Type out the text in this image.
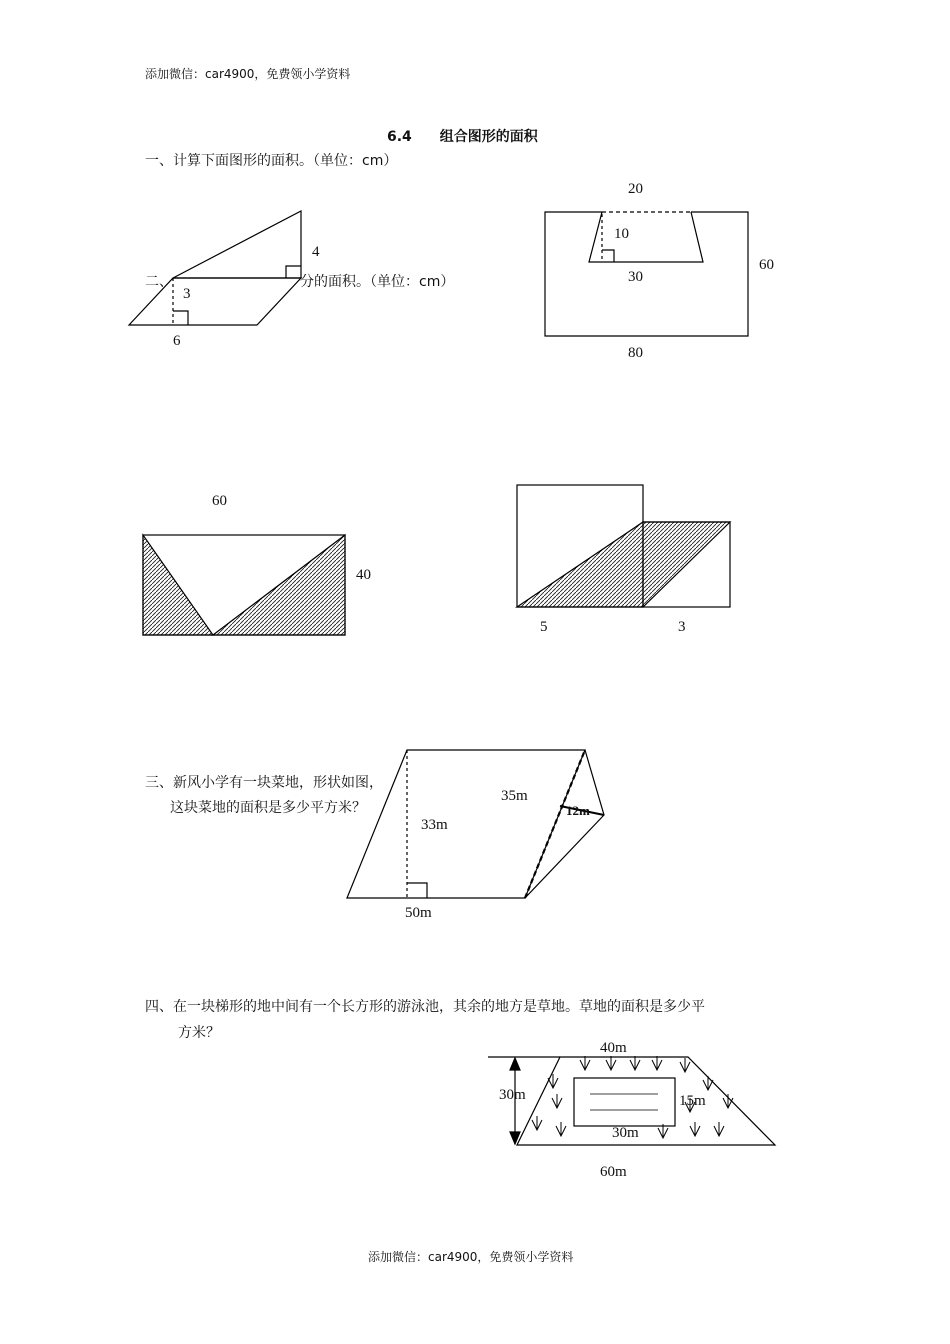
添加微信：car4900，免费领小学资料
添加微信：car4900，免费领小学资料
6.4　　组合图形的面积
一、计算下面图形的面积。（单位：cm）
4
3
6
20
10
30
60
80
二、	分的面积。（单位：cm）
60
40
5	3
三、新风小学有一块菜地，形状如图，
这块菜地的面积是多少平方米？
35m
12m
33m
50m
四、在一块梯形的地中间有一个长方形的游泳池，其余的地方是草地。草地的面积是多少平
方米？
40m
30m	15m
30m
60m
